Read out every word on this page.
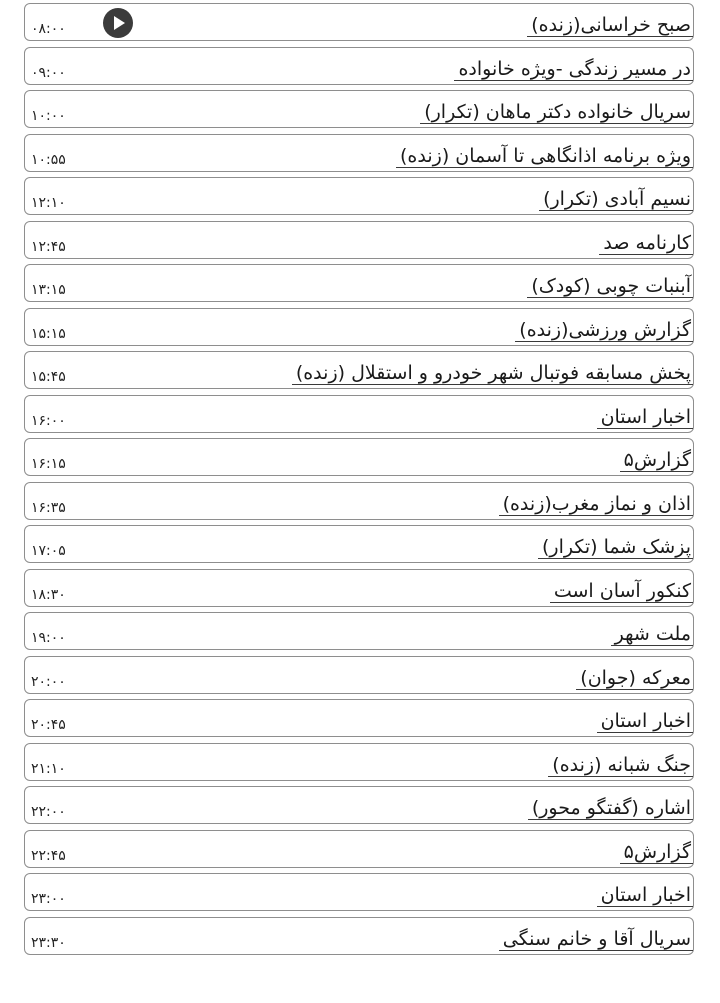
صبح خراسانی(زنده)
۰۸:۰۰
در مسیر زندگی -ویژه خانواده
۰۹:۰۰
سریال خانواده دکتر ماهان (تکرار)
۱۰:۰۰
ویژه برنامه اذانگاهی تا آسمان (زنده)
۱۰:۵۵
نسیم آبادی (تکرار)
۱۲:۱۰
کارنامه صد
۱۲:۴۵
آبنبات چوبی (کودک)
۱۳:۱۵
گزارش ورزشی(زنده)
۱۵:۱۵
پخش مسابقه فوتبال شهر خودرو و استقلال (زنده)
۱۵:۴۵
اخبار استان
۱۶:۰۰
گزارش۵
۱۶:۱۵
اذان و نماز مغرب(زنده)
۱۶:۳۵
پزشک شما (تکرار)
۱۷:۰۵
کنکور آسان است
۱۸:۳۰
ملت شهر
۱۹:۰۰
معرکه (جوان)
۲۰:۰۰
اخبار استان
۲۰:۴۵
جنگ شبانه (زنده)
۲۱:۱۰
اشاره (گفتگو محور)
۲۲:۰۰
گزارش۵
۲۲:۴۵
اخبار استان
۲۳:۰۰
سریال آقا و خانم سنگی
۲۳:۳۰
